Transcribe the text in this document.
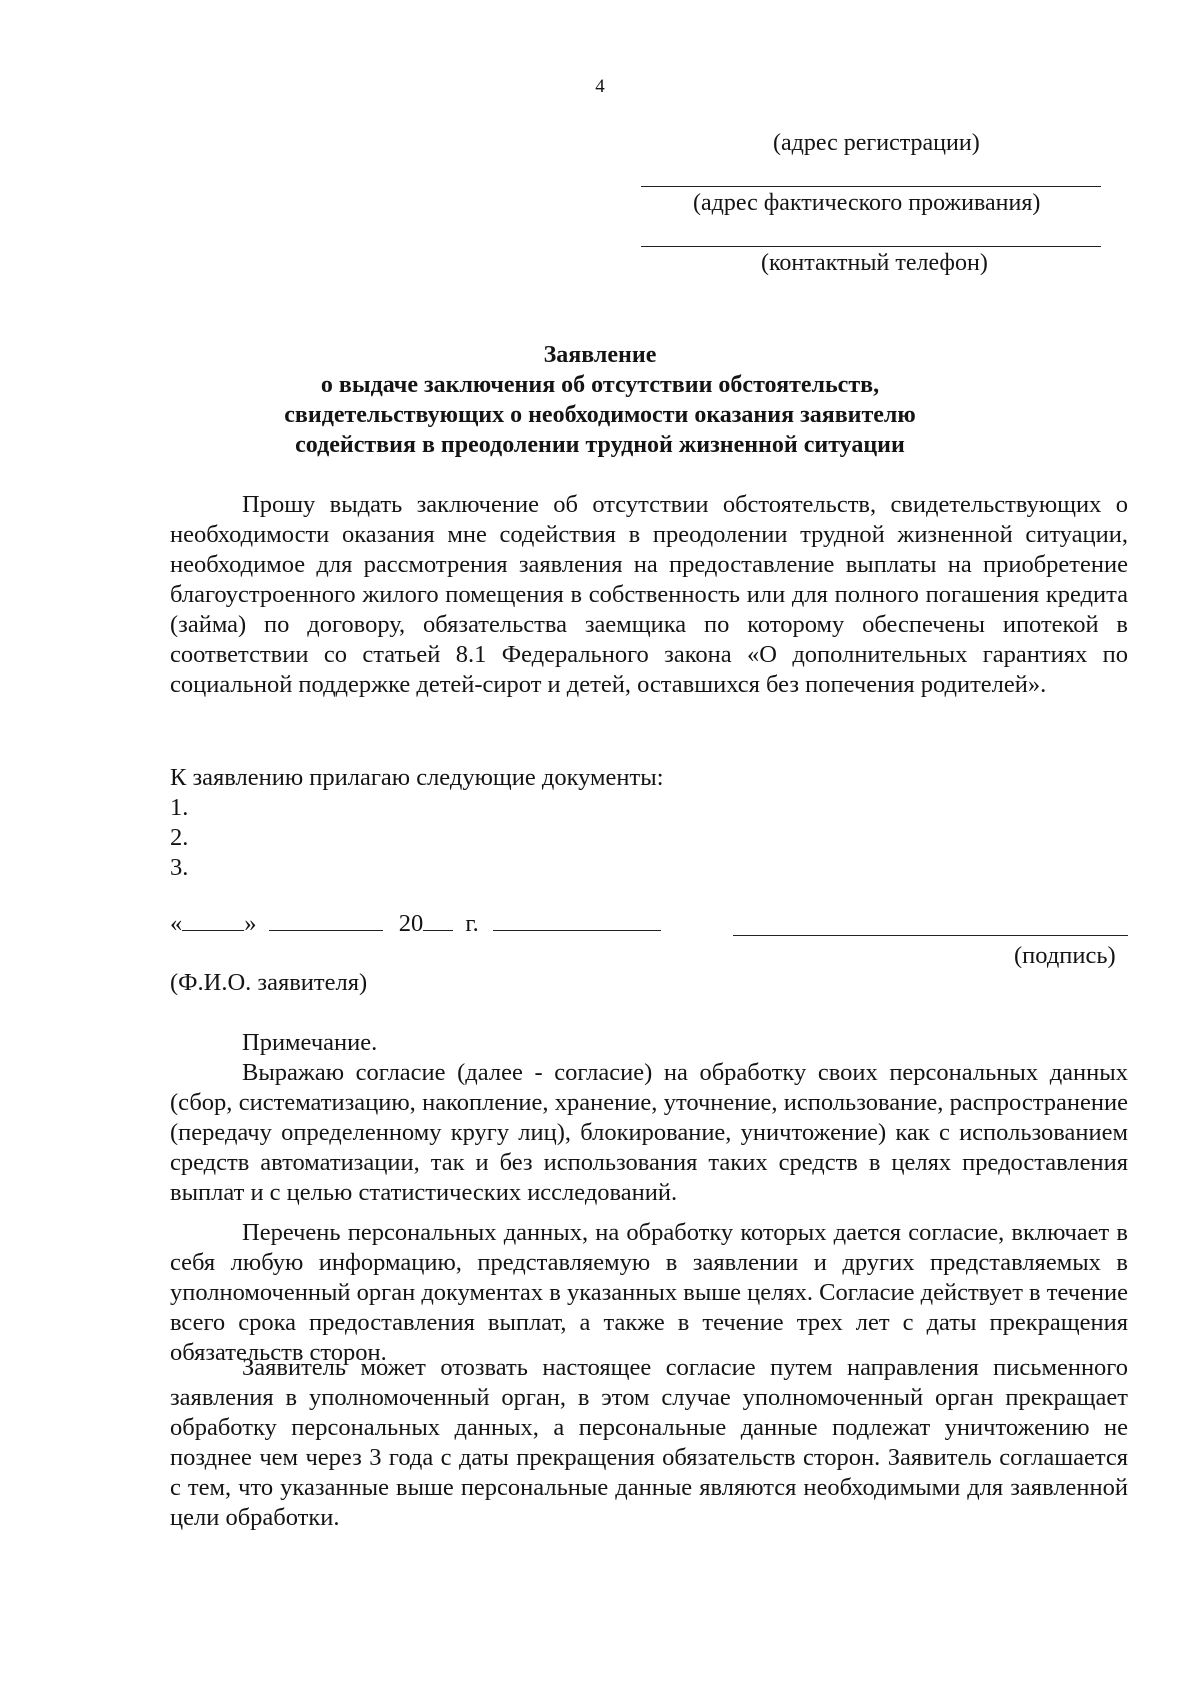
4
(адрес регистрации)
(адрес фактического проживания)
(контактный телефон)
Заявление
о выдаче заключения об отсутствии обстоятельств,
свидетельствующих о необходимости оказания заявителю
содействия в преодолении трудной жизненной ситуации
Прошу выдать заключение об отсутствии обстоятельств, свидетельствующих о необходимости оказания мне содействия в преодолении трудной жизненной ситуации, необходимое для рассмотрения заявления на предоставление выплаты на приобретение благоустроенного жилого помещения в собственность или для полного погашения кредита (займа) по договору, обязательства заемщика по которому обеспечены ипотекой в соответствии со статьей 8.1 Федерального закона «О дополнительных гарантиях по социальной поддержке детей-сирот и детей, оставшихся без попечения родителей».
К заявлению прилагаю следующие документы:
1.
2.
3.
«	»	20 г.
(подпись)
(Ф.И.О. заявителя)
Примечание.
Выражаю согласие (далее - согласие) на обработку своих персональных данных (сбор, систематизацию, накопление, хранение, уточнение, использование, распространение (передачу определенному кругу лиц), блокирование, уничтожение) как с использованием средств автоматизации, так и без использования таких средств в целях предоставления выплат и с целью статистических исследований.
Перечень персональных данных, на обработку которых дается согласие, включает в себя любую информацию, представляемую в заявлении и других представляемых в уполномоченный орган документах в указанных выше целях. Согласие действует в течение всего срока предоставления выплат, а также в течение трех лет с даты прекращения обязательств сторон.
Заявитель может отозвать настоящее согласие путем направления письменного заявления в уполномоченный орган, в этом случае уполномоченный орган прекращает обработку персональных данных, а персональные данные подлежат уничтожению не позднее чем через 3 года с даты прекращения обязательств сторон. Заявитель соглашается с тем, что указанные выше персональные данные являются необходимыми для заявленной цели обработки.
